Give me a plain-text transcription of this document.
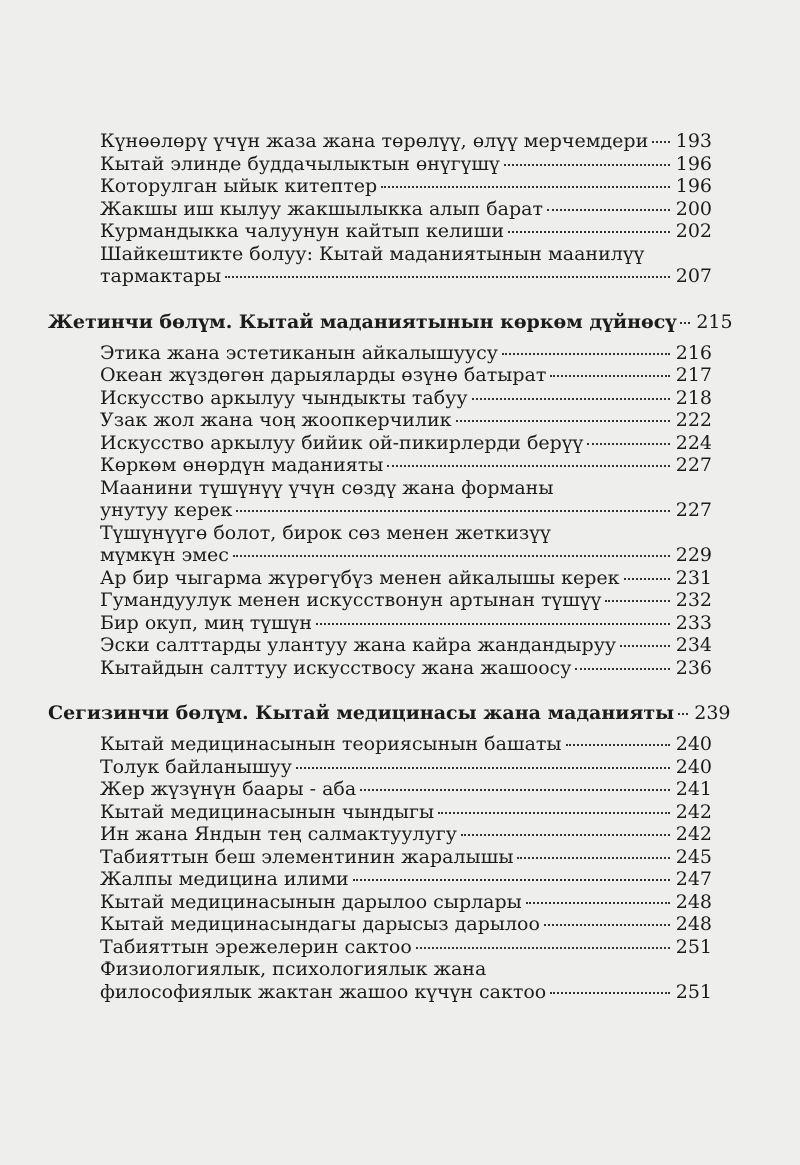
Күнөөлөрү үчүн жаза жана төрөлүү, өлүү мерчемдери 193
Кытай элинде буддачылыктын өнүгүшү	196
Которулган ыйык китептер	196
Жакшы иш кылуу жакшылыкка алып барат	200
Курмандыкка чалуунун кайтып келиши	202
Шайкештикте болуу: Кытай маданиятынын маанилүү
тармактары	207
Жетинчи бөлүм. Кытай маданиятынын көркөм дүйнөсү 215
Этика жана эстетиканын айкалышуусу	216
Океан жүздөгөн дарыяларды өзүнө батырат	217
Искусство аркылуу чындыкты табуу	218
Узак жол жана чоң жоопкерчилик	222
Искусство аркылуу бийик ой-пикирлерди берүү	224
Көркөм өнөрдүн маданияты	227
Маанини түшүнүү үчүн сөздү жана форманы
унутуу керек	227
Түшүнүүгө болот, бирок сөз менен жеткизүү
мүмкүн эмес	229
Ар бир чыгарма жүрөгүбүз менен айкалышы керек	231
Гумандуулук менен искусствонун артынан түшүү	232
Бир окуп, миң түшүн	233
Эски салттарды улантуу жана кайра жандандыруу	234
Кытайдын салттуу искусствосу жана жашоосу	236
Сегизинчи бөлүм. Кытай медицинасы жана маданияты 239
Кытай медицинасынын теориясынын башаты	240
Толук байланышуу	240
Жер жүзүнүн баары - аба	241
Кытай медицинасынын чындыгы	242
Ин жана Яндын тең салмактуулугу	242
Табияттын беш элементинин жаралышы	245
Жалпы медицина илими	247
Кытай медицинасынын дарылоо сырлары	248
Кытай медицинасындагы дарысыз дарылоо	248
Табияттын эрежелерин сактоо	251
Физиологиялык, психологиялык жана
философиялык жактан жашоо күчүн сактоо	251
